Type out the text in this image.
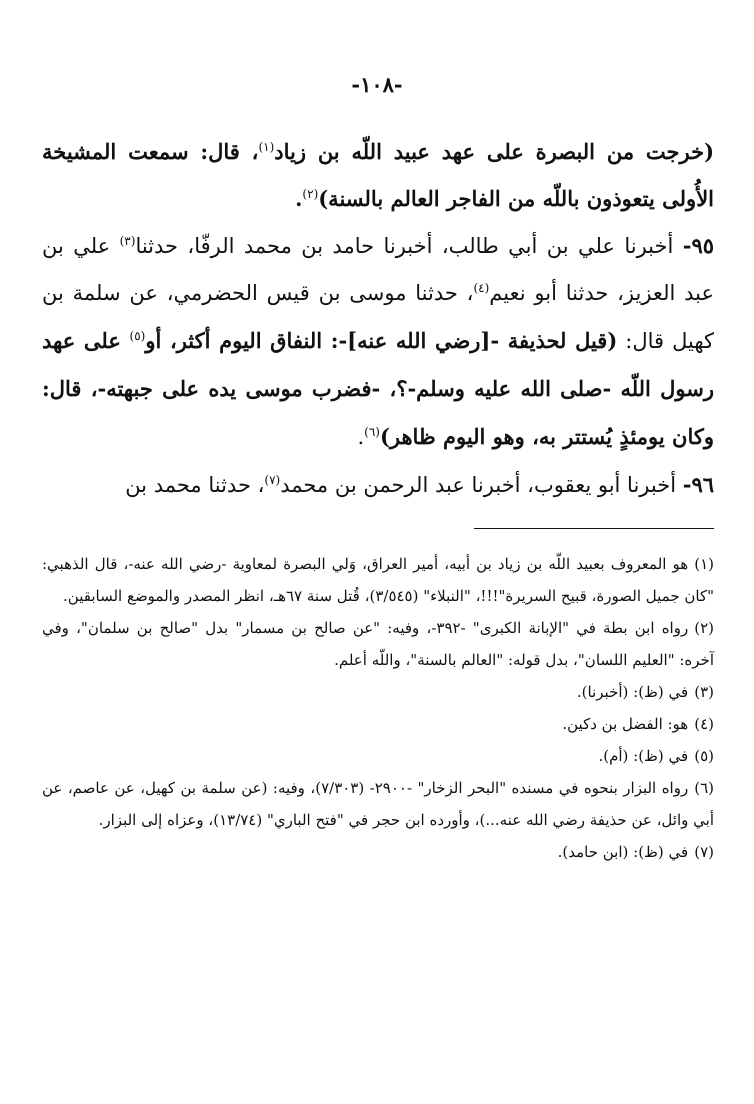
-١٠٨-

(خرجت من البصرة على عهد عبيد اللّه بن زياد$^{(١)}$، قال: سمعت المشيخة الأُولى يتعوذون باللّه من الفاجر العالم بالسنة)$^{(٢)}$.

٩٥- أخبرنا علي بن أبي طالب، أخبرنا حامد بن محمد الرفّا، حدثنا$^{(٣)}$ علي بن عبد العزيز، حدثنا أبو نعيم$^{(٤)}$، حدثنا موسى بن قيس الحضرمي، عن سلمة بن كهيل قال: (قيل لحذيفة -[رضي الله عنه]-: النفاق اليوم أكثر، أو$^{(٥)}$ على عهد رسول اللّه -صلى الله عليه وسلم-؟، -فضرب موسى يده على جبهته-، قال: وكان يومئذٍ يُستتر به، وهو اليوم ظاهر)$^{(٦)}$.

٩٦- أخبرنا أبو يعقوب، أخبرنا عبد الرحمن بن محمد$^{(٧)}$، حدثنا محمد بن

(١)هو المعروف بعبيد اللّه بن زياد بن أبيه، أمير العراق، وَلي البصرة لمعاوية -رضي الله عنه-، قال الذهبي: "كان جميل الصورة، قبيح السريرة"!!!، "النبلاء" (٣/٥٤٥)، قُتل سنة ٦٧هـ، انظر المصدر والموضع السابقين.

(٢)رواه ابن بطة في "الإبانة الكبرى" -٣٩٢-، وفيه: "عن صالح بن مسمار" بدل "صالح بن سلمان"، وفي آخره: "العليم اللسان"، بدل قوله: "العالم بالسنة"، واللّه أعلم.

(٣)في (ظ): (أخبرنا).

(٤)هو: الفضل بن دكين.

(٥)في (ظ): (أم).

(٦)رواه البزار بنحوه في مسنده "البحر الزخار" -٢٩٠٠- (٧/٣٠٣)، وفيه: (عن سلمة بن كهيل، عن عاصم، عن أبي وائل، عن حذيفة رضي الله عنه...)، وأورده ابن حجر في "فتح الباري" (١٣/٧٤)، وعزاه إلى البزار.

(٧)في (ظ): (ابن حامد).
